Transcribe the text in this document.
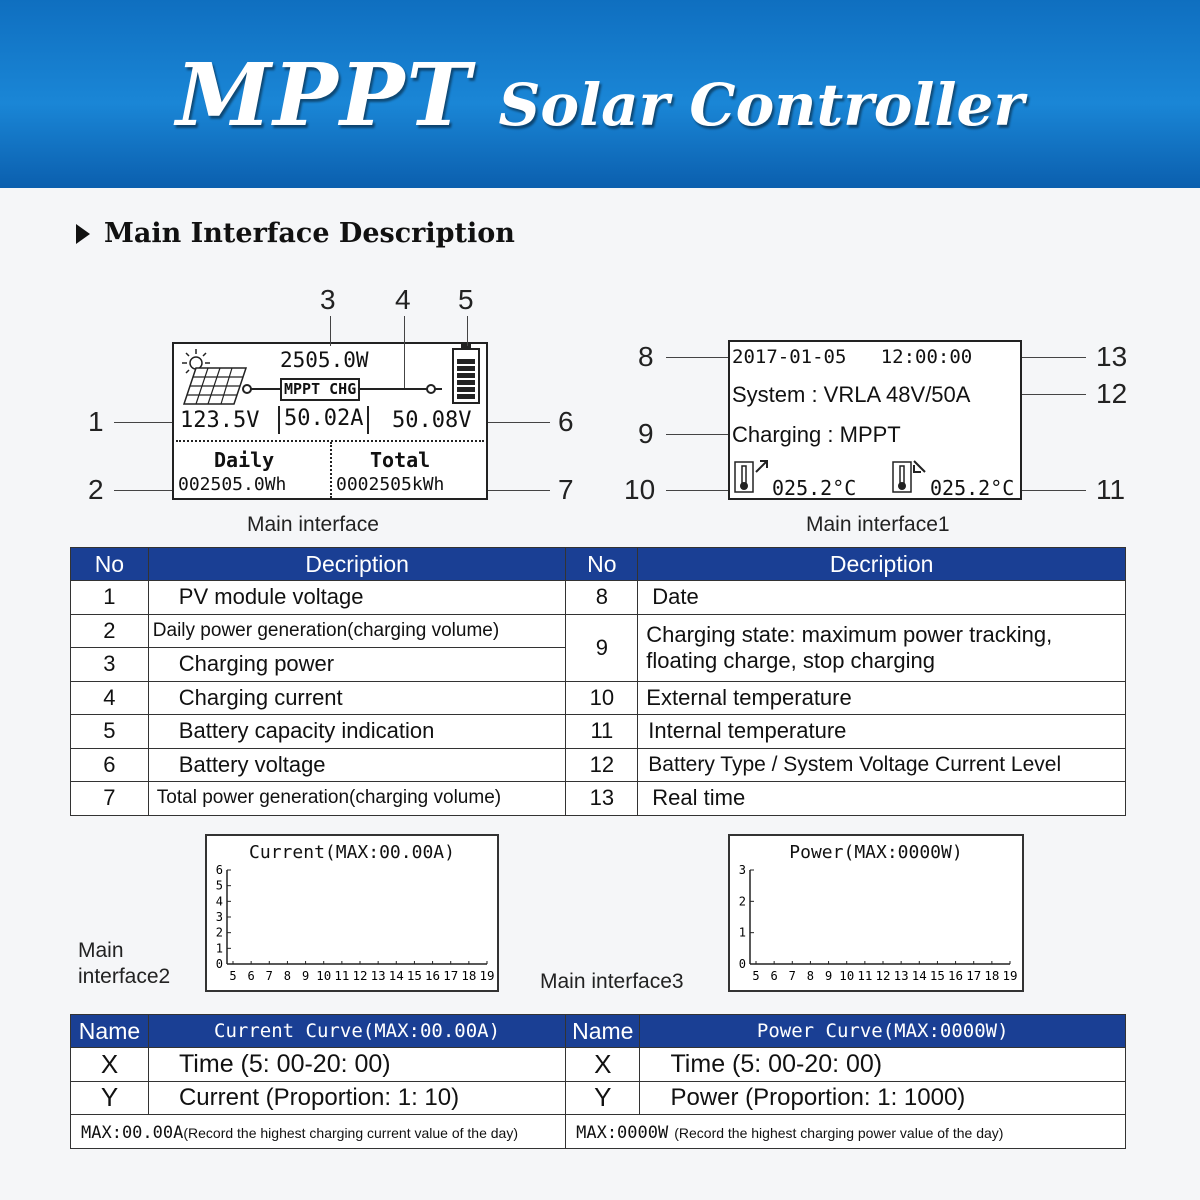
MPPT Solar Controller
Main Interface Description
2505.0W
MPPT CHG
123.5V 50.02A 50.08V
Daily	Total
002505.0Wh	0002505kWh
1
2
3 4 5
6
7
Main interface
2017-01-05   12:00:00
System : VRLA 48V/50A
Charging : MPPT
025.2°C	025.2°C
8
9
10
13
12
11
Main interface1
No	Decription	No	Decription
1	PV module voltage	8	Date
2	Daily power generation(charging volume)	9	Charging state: maximum power tracking,
floating charge, stop charging

3	Charging power		
4	Charging current	10	External temperature
5	Battery capacity indication	11	Internal temperature
6	Battery voltage	12	Battery Type / System Voltage Current Level
7	Total power generation(charging volume)	13	Real time
Main
interface2
Current(MAX:00.00A)
0
1
2
3
4
5
6
5 6 7 8 9 10 11 12 13 14 15 16 17 18 19 Main interface3
Power(MAX:0000W)
0
1
2
3
5 6 7 8 9 10 11 12 13 14 15 16 17 18 19
Name	Current Curve(MAX:00.00A)	Name	Power Curve(MAX:0000W)
X	Time (5: 00-20: 00)	X	Time (5: 00-20: 00)
Y	Current (Proportion: 1: 10)	Y	Power (Proportion: 1: 1000)
MAX:00.00A(Record the highest charging current value of the day)		MAX:0000W (Record the highest charging power value of the day)	
